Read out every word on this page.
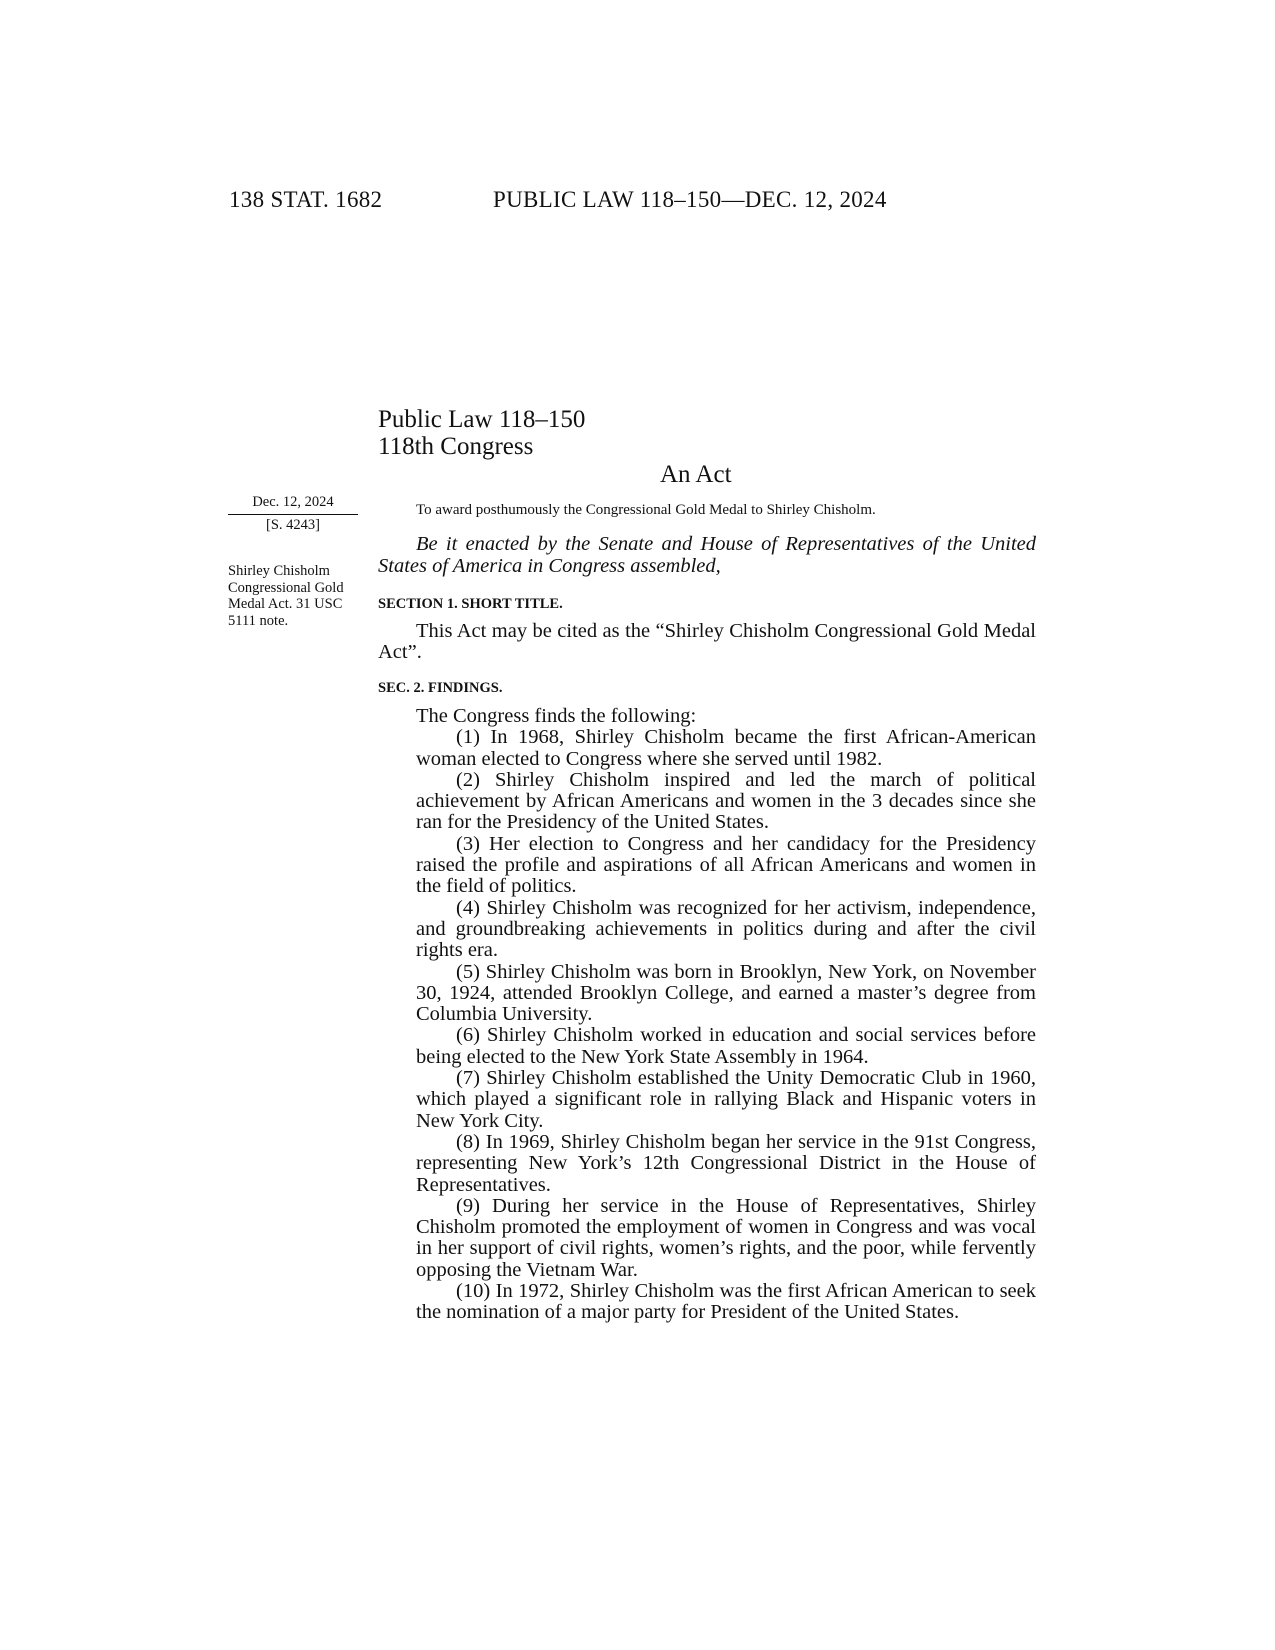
138 STAT. 1682	PUBLIC LAW 118–150—DEC. 12, 2024
Public Law 118–150
118th Congress
An Act
Dec. 12, 2024
[S. 4243]
Shirley Chisholm Congressional Gold Medal Act. 31 USC 5111 note.
To award posthumously the Congressional Gold Medal to Shirley Chisholm.

Be it enacted by the Senate and House of Representatives of the United States of America in Congress assembled,

SECTION 1. SHORT TITLE.

This Act may be cited as the “Shirley Chisholm Congressional Gold Medal Act”.

SEC. 2. FINDINGS.

The Congress finds the following:

(1) In 1968, Shirley Chisholm became the first African-American woman elected to Congress where she served until 1982.
(2) Shirley Chisholm inspired and led the march of political achievement by African Americans and women in the 3 decades since she ran for the Presidency of the United States.
(3) Her election to Congress and her candidacy for the Presidency raised the profile and aspirations of all African Americans and women in the field of politics.
(4) Shirley Chisholm was recognized for her activism, independence, and groundbreaking achievements in politics during and after the civil rights era.
(5) Shirley Chisholm was born in Brooklyn, New York, on November 30, 1924, attended Brooklyn College, and earned a master’s degree from Columbia University.
(6) Shirley Chisholm worked in education and social services before being elected to the New York State Assembly in 1964.
(7) Shirley Chisholm established the Unity Democratic Club in 1960, which played a significant role in rallying Black and Hispanic voters in New York City.
(8) In 1969, Shirley Chisholm began her service in the 91st Congress, representing New York’s 12th Congressional District in the House of Representatives.
(9) During her service in the House of Representatives, Shirley Chisholm promoted the employment of women in Congress and was vocal in her support of civil rights, women’s rights, and the poor, while fervently opposing the Vietnam War.
(10) In 1972, Shirley Chisholm was the first African American to seek the nomination of a major party for President of the United States.
